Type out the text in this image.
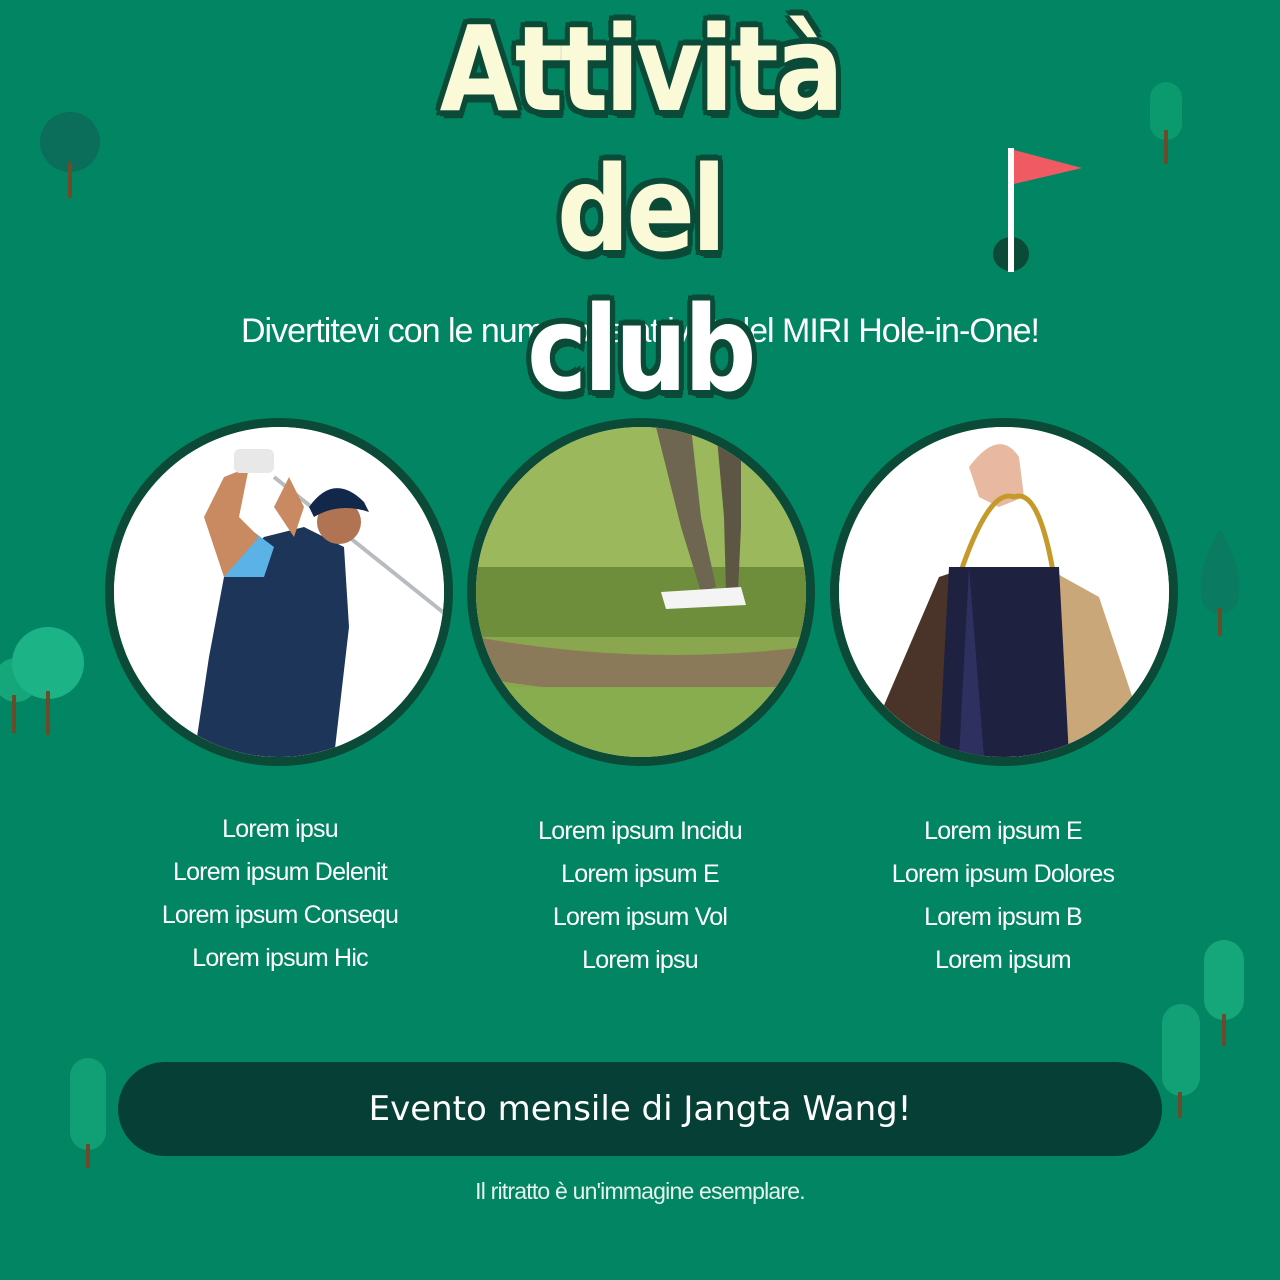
Divertitevi con le numerose attività del MIRI Hole-in-One!
Attività
del
club
Lorem ipsu
Lorem ipsum Delenit
Lorem ipsum Consequ
Lorem ipsum Hic
Lorem ipsum Incidu
Lorem ipsum E
Lorem ipsum Vol
Lorem ipsu
Lorem ipsum E
Lorem ipsum Dolores
Lorem ipsum B
Lorem ipsum
Evento mensile di Jangta Wang!
Il ritratto è un'immagine esemplare.
